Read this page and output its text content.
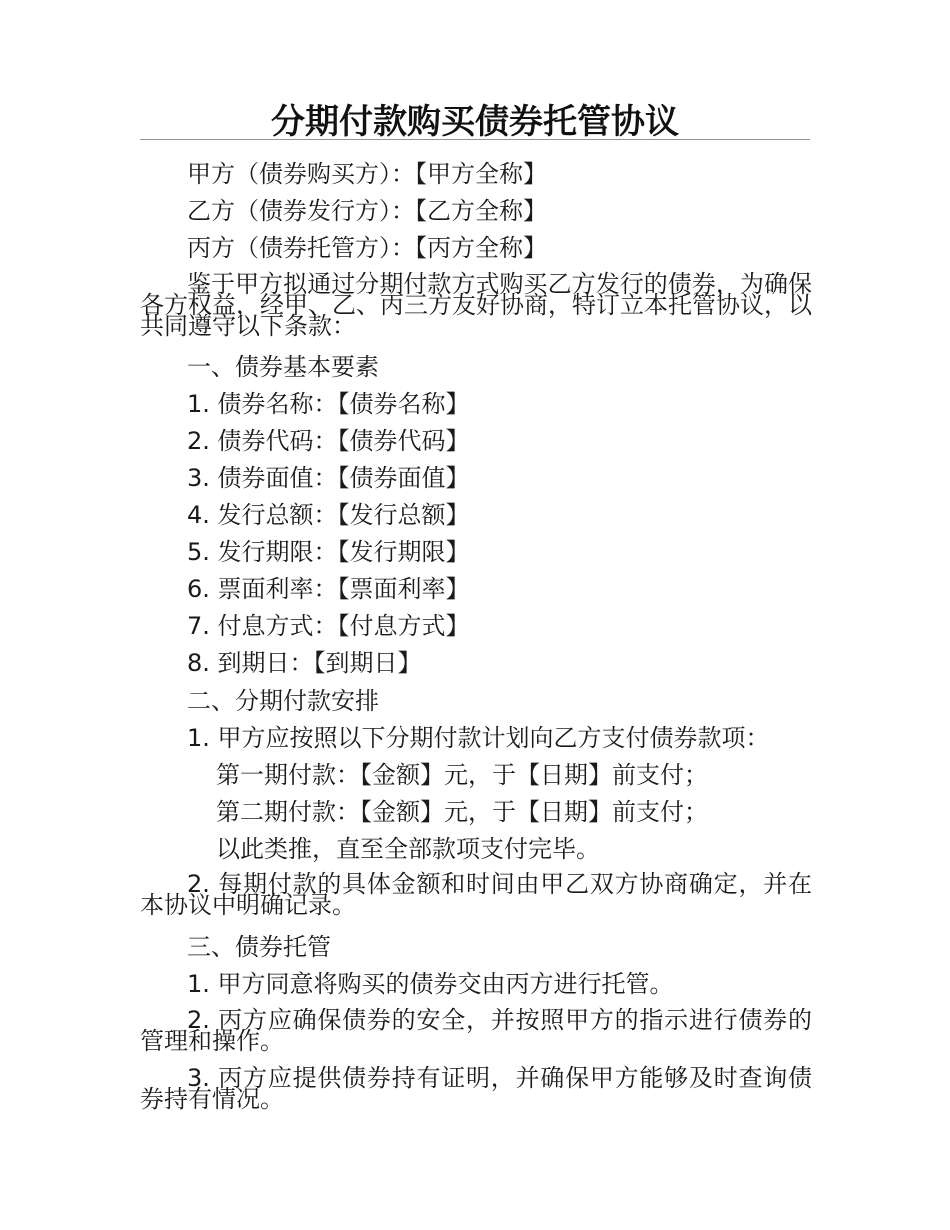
分期付款购买债券托管协议
甲方（债券购买方）：【甲方全称】
乙方（债券发行方）：【乙方全称】
丙方（债券托管方）：【丙方全称】
鉴于甲方拟通过分期付款方式购买乙方发行的债券，为确保各方权益，经甲、乙、丙三方友好协商，特订立本托管协议，以共同遵守以下条款：
一、债券基本要素
1. 债券名称：【债券名称】
2. 债券代码：【债券代码】
3. 债券面值：【债券面值】
4. 发行总额：【发行总额】
5. 发行期限：【发行期限】
6. 票面利率：【票面利率】
7. 付息方式：【付息方式】
8. 到期日：【到期日】
二、分期付款安排
1. 甲方应按照以下分期付款计划向乙方支付债券款项：
第一期付款：【金额】元，于【日期】前支付；
第二期付款：【金额】元，于【日期】前支付；
以此类推，直至全部款项支付完毕。
2. 每期付款的具体金额和时间由甲乙双方协商确定，并在本协议中明确记录。
三、债券托管
1. 甲方同意将购买的债券交由丙方进行托管。
2. 丙方应确保债券的安全，并按照甲方的指示进行债券的管理和操作。
3. 丙方应提供债券持有证明，并确保甲方能够及时查询债券持有情况。
